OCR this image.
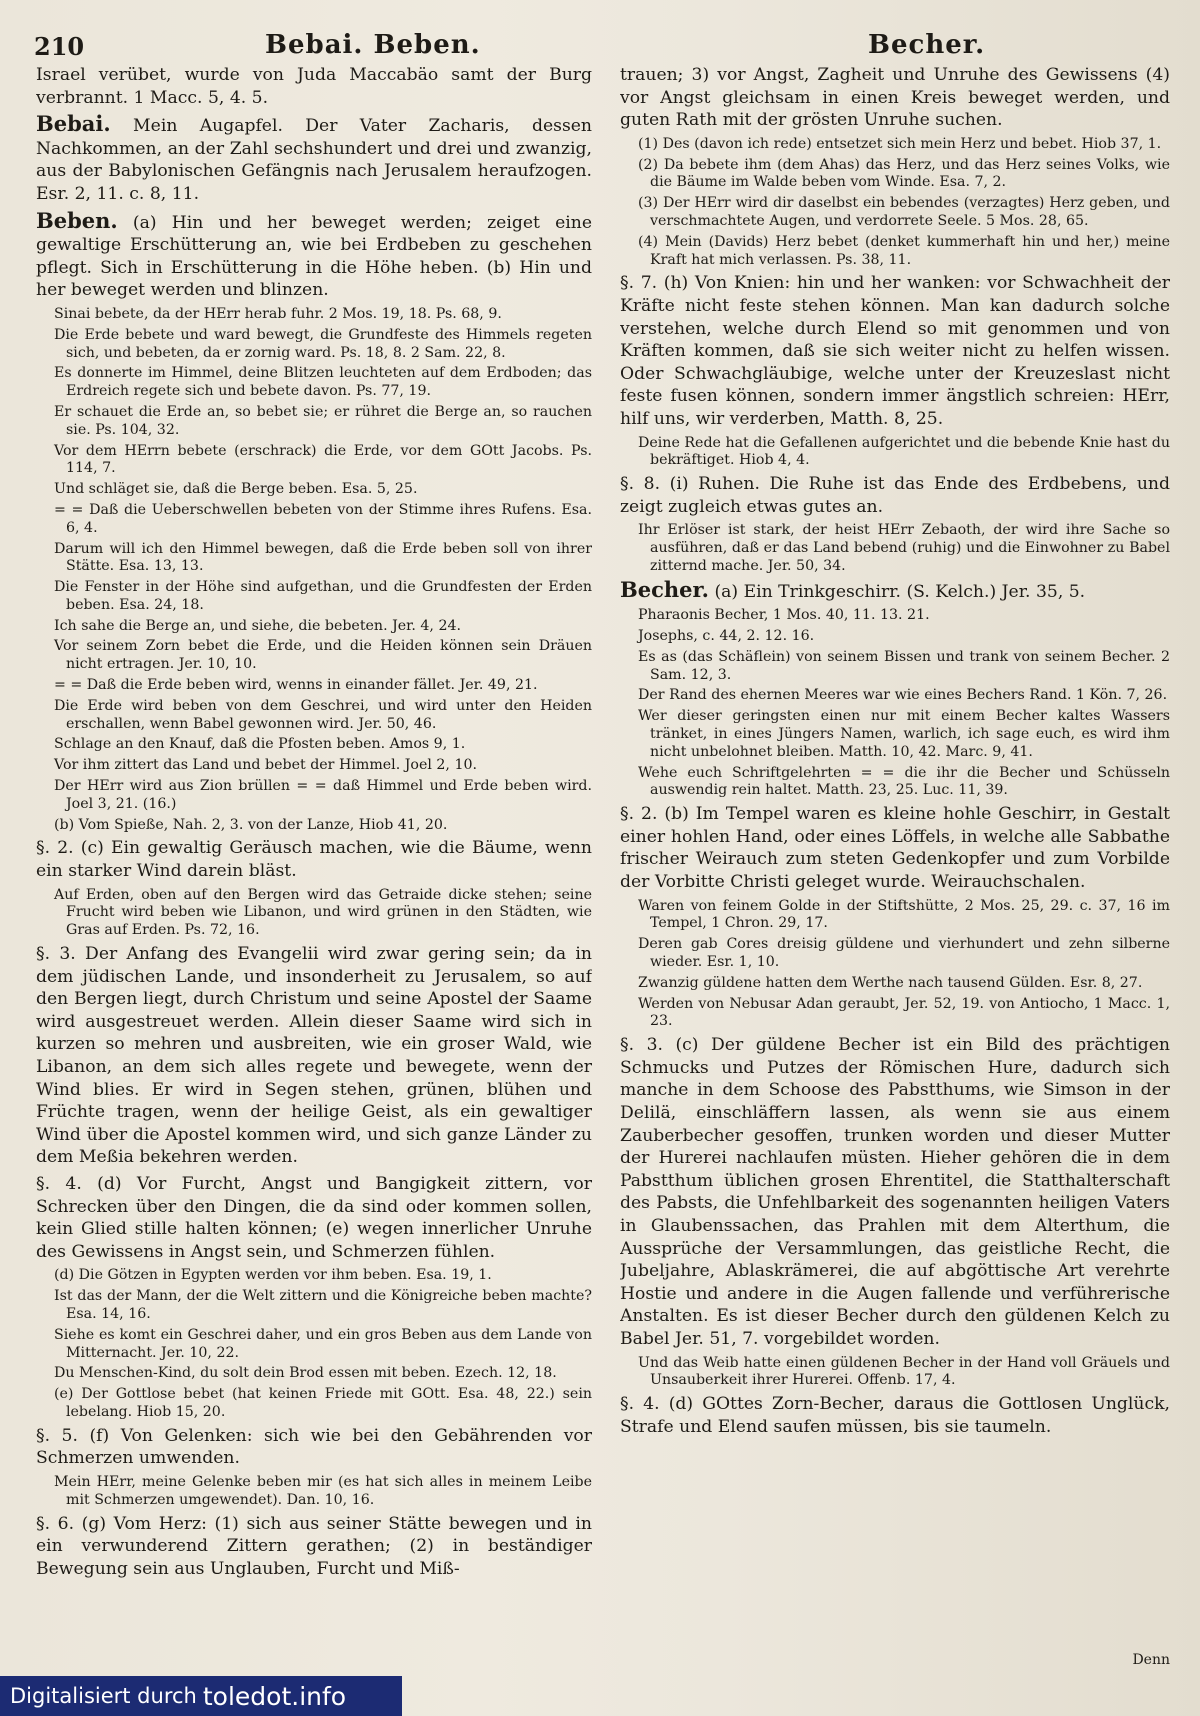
210	Bebai. Beben.	Becher.

Israel verübet, wurde von Juda Maccabäo samt der Burg verbrannt. 1 Macc. 5, 4. 5.

Bebai. Mein Augapfel. Der Vater Zacharis, dessen Nachkommen, an der Zahl sechshundert und drei und zwanzig, aus der Babylonischen Gefängnis nach Jerusalem heraufzogen. Esr. 2, 11. c. 8, 11.

Beben. (a) Hin und her beweget werden; zeiget eine gewaltige Erschütterung an, wie bei Erdbeben zu geschehen pflegt. Sich in Erschütterung in die Höhe heben. (b) Hin und her beweget werden und blinzen.

Sinai bebete, da der HErr herab fuhr. 2 Mos. 19, 18. Ps. 68, 9.

Die Erde bebete und ward bewegt, die Grundfeste des Himmels regeten sich, und bebeten, da er zornig ward. Ps. 18, 8. 2 Sam. 22, 8.

Es donnerte im Himmel, deine Blitzen leuchteten auf dem Erdboden; das Erdreich regete sich und bebete davon. Ps. 77, 19.

Er schauet die Erde an, so bebet sie; er rühret die Berge an, so rauchen sie. Ps. 104, 32.

Vor dem HErrn bebete (erschrack) die Erde, vor dem GOtt Jacobs. Ps. 114, 7.

Und schläget sie, daß die Berge beben. Esa. 5, 25.

= = Daß die Ueberschwellen bebeten von der Stimme ihres Rufens. Esa. 6, 4.

Darum will ich den Himmel bewegen, daß die Erde beben soll von ihrer Stätte. Esa. 13, 13.

Die Fenster in der Höhe sind aufgethan, und die Grundfesten der Erden beben. Esa. 24, 18.

Ich sahe die Berge an, und siehe, die bebeten. Jer. 4, 24.

Vor seinem Zorn bebet die Erde, und die Heiden können sein Dräuen nicht ertragen. Jer. 10, 10.

= = Daß die Erde beben wird, wenns in einander fället. Jer. 49, 21.

Die Erde wird beben von dem Geschrei, und wird unter den Heiden erschallen, wenn Babel gewonnen wird. Jer. 50, 46.

Schlage an den Knauf, daß die Pfosten beben. Amos 9, 1.

Vor ihm zittert das Land und bebet der Himmel. Joel 2, 10.

Der HErr wird aus Zion brüllen = = daß Himmel und Erde beben wird. Joel 3, 21. (16.)

(b) Vom Spieße, Nah. 2, 3. von der Lanze, Hiob 41, 20.

§. 2. (c) Ein gewaltig Geräusch machen, wie die Bäume, wenn ein starker Wind darein bläst.

Auf Erden, oben auf den Bergen wird das Getraide dicke stehen; seine Frucht wird beben wie Libanon, und wird grünen in den Städten, wie Gras auf Erden. Ps. 72, 16.

§. 3. Der Anfang des Evangelii wird zwar gering sein; da in dem jüdischen Lande, und insonderheit zu Jerusalem, so auf den Bergen liegt, durch Christum und seine Apostel der Saame wird ausgestreuet werden. Allein dieser Saame wird sich in kurzen so mehren und ausbreiten, wie ein groser Wald, wie Libanon, an dem sich alles regete und bewegete, wenn der Wind blies. Er wird in Segen stehen, grünen, blühen und Früchte tragen, wenn der heilige Geist, als ein gewaltiger Wind über die Apostel kommen wird, und sich ganze Länder zu dem Meßia bekehren werden.

§. 4. (d) Vor Furcht, Angst und Bangigkeit zittern, vor Schrecken über den Dingen, die da sind oder kommen sollen, kein Glied stille halten können; (e) wegen innerlicher Unruhe des Gewissens in Angst sein, und Schmerzen fühlen.

(d) Die Götzen in Egypten werden vor ihm beben. Esa. 19, 1.

Ist das der Mann, der die Welt zittern und die Königreiche beben machte? Esa. 14, 16.

Siehe es komt ein Geschrei daher, und ein gros Beben aus dem Lande von Mitternacht. Jer. 10, 22.

Du Menschen-Kind, du solt dein Brod essen mit beben. Ezech. 12, 18.

(e) Der Gottlose bebet (hat keinen Friede mit GOtt. Esa. 48, 22.) sein lebelang. Hiob 15, 20.

§. 5. (f) Von Gelenken: sich wie bei den Gebährenden vor Schmerzen umwenden.

Mein HErr, meine Gelenke beben mir (es hat sich alles in meinem Leibe mit Schmerzen umgewendet). Dan. 10, 16.

§. 6. (g) Vom Herz: (1) sich aus seiner Stätte bewegen und in ein verwunderend Zittern gerathen; (2) in beständiger Bewegung sein aus Unglauben, Furcht und Miß-

trauen; 3) vor Angst, Zagheit und Unruhe des Gewissens (4) vor Angst gleichsam in einen Kreis beweget werden, und guten Rath mit der grösten Unruhe suchen.

(1) Des (davon ich rede) entsetzet sich mein Herz und bebet. Hiob 37, 1.

(2) Da bebete ihm (dem Ahas) das Herz, und das Herz seines Volks, wie die Bäume im Walde beben vom Winde. Esa. 7, 2.

(3) Der HErr wird dir daselbst ein bebendes (verzagtes) Herz geben, und verschmachtete Augen, und verdorrete Seele. 5 Mos. 28, 65.

(4) Mein (Davids) Herz bebet (denket kummerhaft hin und her,) meine Kraft hat mich verlassen. Ps. 38, 11.

§. 7. (h) Von Knien: hin und her wanken: vor Schwachheit der Kräfte nicht feste stehen können. Man kan dadurch solche verstehen, welche durch Elend so mit genommen und von Kräften kommen, daß sie sich weiter nicht zu helfen wissen. Oder Schwachgläubige, welche unter der Kreuzeslast nicht feste fusen können, sondern immer ängstlich schreien: HErr, hilf uns, wir verderben, Matth. 8, 25.

Deine Rede hat die Gefallenen aufgerichtet und die bebende Knie hast du bekräftiget. Hiob 4, 4.

§. 8. (i) Ruhen. Die Ruhe ist das Ende des Erdbebens, und zeigt zugleich etwas gutes an.

Ihr Erlöser ist stark, der heist HErr Zebaoth, der wird ihre Sache so ausführen, daß er das Land bebend (ruhig) und die Einwohner zu Babel zitternd mache. Jer. 50, 34.

Becher. (a) Ein Trinkgeschirr. (S. Kelch.) Jer. 35, 5.

Pharaonis Becher, 1 Mos. 40, 11. 13. 21.

Josephs, c. 44, 2. 12. 16.

Es as (das Schäflein) von seinem Bissen und trank von seinem Becher. 2 Sam. 12, 3.

Der Rand des ehernen Meeres war wie eines Bechers Rand. 1 Kön. 7, 26.

Wer dieser geringsten einen nur mit einem Becher kaltes Wassers tränket, in eines Jüngers Namen, warlich, ich sage euch, es wird ihm nicht unbelohnet bleiben. Matth. 10, 42. Marc. 9, 41.

Wehe euch Schriftgelehrten = = die ihr die Becher und Schüsseln auswendig rein haltet. Matth. 23, 25. Luc. 11, 39.

§. 2. (b) Im Tempel waren es kleine hohle Geschirr, in Gestalt einer hohlen Hand, oder eines Löffels, in welche alle Sabbathe frischer Weirauch zum steten Gedenkopfer und zum Vorbilde der Vorbitte Christi geleget wurde. Weirauchschalen.

Waren von feinem Golde in der Stiftshütte, 2 Mos. 25, 29. c. 37, 16 im Tempel, 1 Chron. 29, 17.

Deren gab Cores dreisig güldene und vierhundert und zehn silberne wieder. Esr. 1, 10.

Zwanzig güldene hatten dem Werthe nach tausend Gülden. Esr. 8, 27.

Werden von Nebusar Adan geraubt, Jer. 52, 19. von Antiocho, 1 Macc. 1, 23.

§. 3. (c) Der güldene Becher ist ein Bild des prächtigen Schmucks und Putzes der Römischen Hure, dadurch sich manche in dem Schoose des Pabstthums, wie Simson in der Delilä, einschläffern lassen, als wenn sie aus einem Zauberbecher gesoffen, trunken worden und dieser Mutter der Hurerei nachlaufen müsten. Hieher gehören die in dem Pabstthum üblichen grosen Ehrentitel, die Statthalterschaft des Pabsts, die Unfehlbarkeit des sogenannten heiligen Vaters in Glaubenssachen, das Prahlen mit dem Alterthum, die Aussprüche der Versammlungen, das geistliche Recht, die Jubeljahre, Ablaskrämerei, die auf abgöttische Art verehrte Hostie und andere in die Augen fallende und verführerische Anstalten. Es ist dieser Becher durch den güldenen Kelch zu Babel Jer. 51, 7. vorgebildet worden.

Und das Weib hatte einen güldenen Becher in der Hand voll Gräuels und Unsauberkeit ihrer Hurerei. Offenb. 17, 4.

§. 4. (d) GOttes Zorn-Becher, daraus die Gottlosen Unglück, Strafe und Elend saufen müssen, bis sie taumeln.

Denn
Digitalisiert durch toledot.info
